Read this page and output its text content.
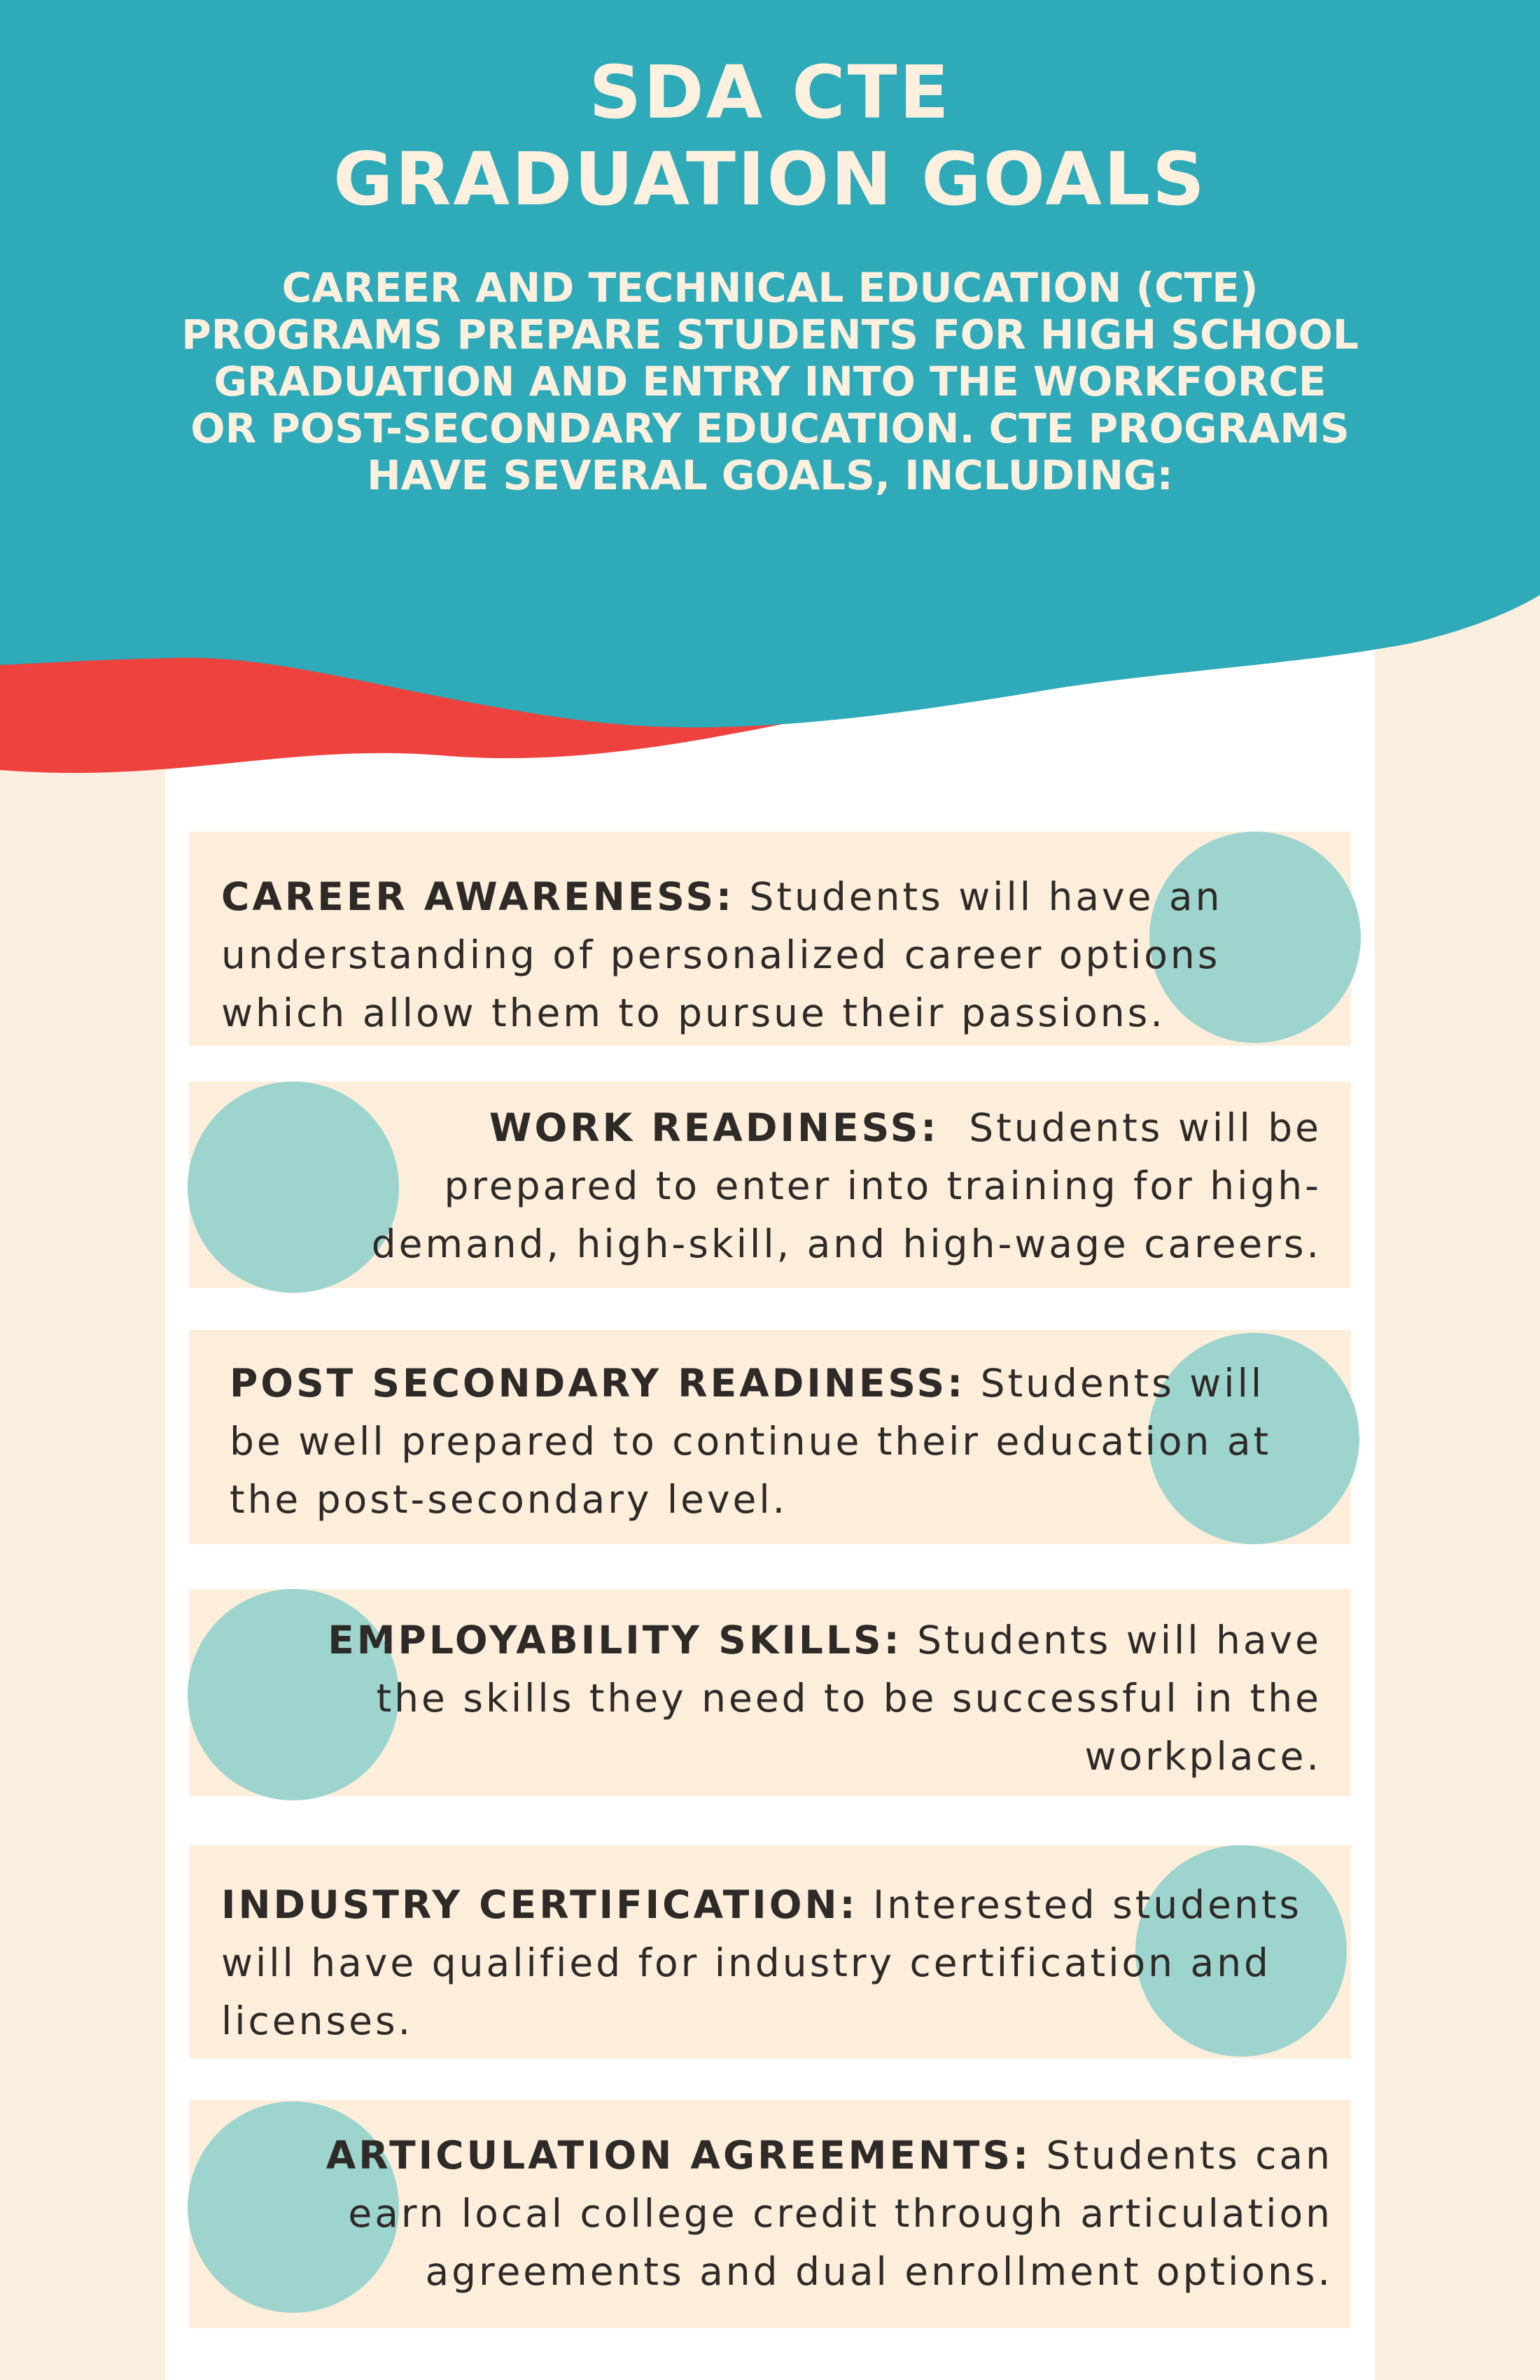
SDA CTE
GRADUATION GOALS
CAREER AND TECHNICAL EDUCATION (CTE)
PROGRAMS PREPARE STUDENTS FOR HIGH SCHOOL
GRADUATION AND ENTRY INTO THE WORKFORCE
OR POST-SECONDARY EDUCATION. CTE PROGRAMS
HAVE SEVERAL GOALS, INCLUDING:
CAREER AWARENESS: Students will have an
understanding of personalized career options
which allow them to pursue their passions.
WORK READINESS:  Students will be
prepared to enter into training for high-
demand, high-skill, and high-wage careers.
POST SECONDARY READINESS: Students will
be well prepared to continue their education at
the post-secondary level.
EMPLOYABILITY SKILLS: Students will have
the skills they need to be successful in the
workplace.
INDUSTRY CERTIFICATION: Interested students
will have qualified for industry certification and
licenses.
ARTICULATION AGREEMENTS: Students can
earn local college credit through articulation
agreements and dual enrollment options.
